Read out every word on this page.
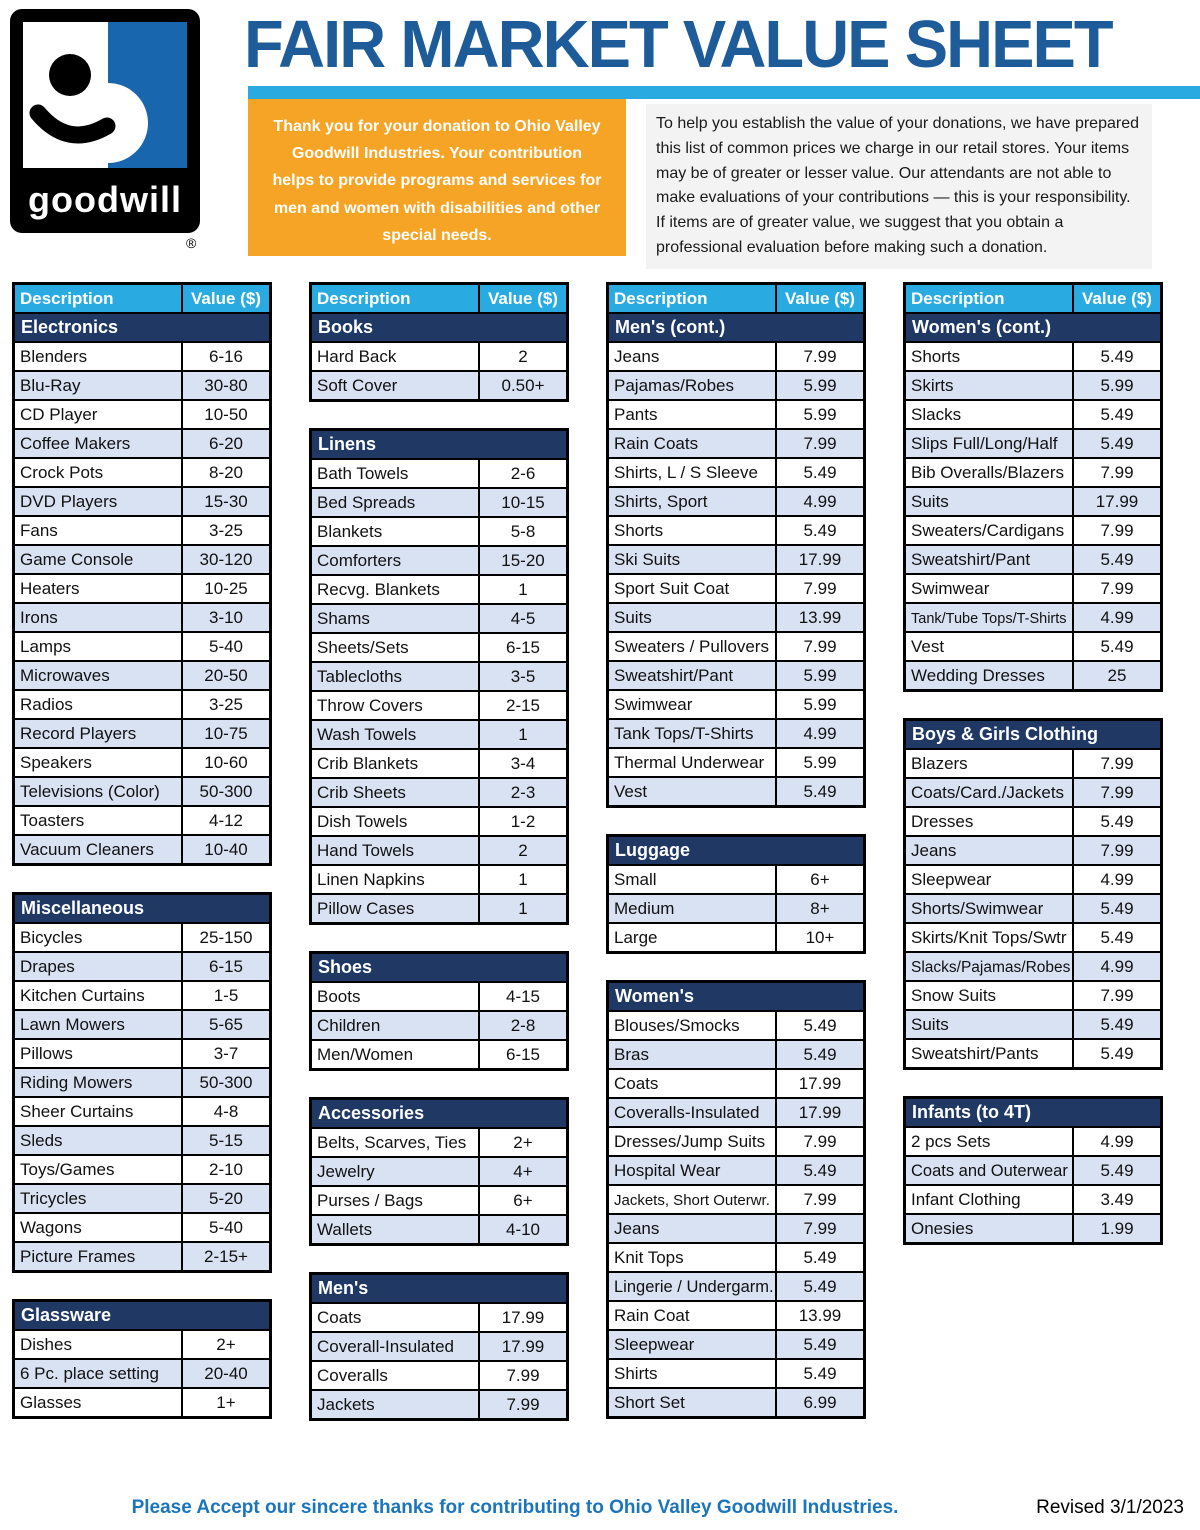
goodwill
®
FAIR MARKET VALUE SHEET
Thank you for your donation to Ohio Valley Goodwill Industries. Your contribution helps to provide programs and services for men and women with disabilities and other special needs.
To help you establish the value of your donations, we have prepared this list of common prices we charge in our retail stores. Your items may be of greater or lesser value. Our attendants are not able to make evaluations of your contributions — this is your responsibility. If items are of greater value, we suggest that you obtain a professional evaluation before making such a donation.
Description	Value ($)
Electronics
Blenders	6-16
Blu-Ray	30-80
CD Player	10-50
Coffee Makers	6-20
Crock Pots	8-20
DVD Players	15-30
Fans	3-25
Game Console	30-120
Heaters	10-25
Irons	3-10
Lamps	5-40
Microwaves	20-50
Radios	3-25
Record Players	10-75
Speakers	10-60
Televisions (Color)	50-300
Toasters	4-12
Vacuum Cleaners	10-40
Miscellaneous
Bicycles	25-150
Drapes	6-15
Kitchen Curtains	1-5
Lawn Mowers	5-65
Pillows	3-7
Riding Mowers	50-300
Sheer Curtains	4-8
Sleds	5-15
Toys/Games	2-10
Tricycles	5-20
Wagons	5-40
Picture Frames	2-15+
Glassware
Dishes	2+
6 Pc. place setting	20-40
Glasses	1+
Description	Value ($)
Books
Hard Back	2
Soft Cover	0.50+
Linens
Bath Towels	2-6
Bed Spreads	10-15
Blankets	5-8
Comforters	15-20
Recvg. Blankets	1
Shams	4-5
Sheets/Sets	6-15
Tablecloths	3-5
Throw Covers	2-15
Wash Towels	1
Crib Blankets	3-4
Crib Sheets	2-3
Dish Towels	1-2
Hand Towels	2
Linen Napkins	1
Pillow Cases	1
Shoes
Boots	4-15
Children	2-8
Men/Women	6-15
Accessories
Belts, Scarves, Ties	2+
Jewelry	4+
Purses / Bags	6+
Wallets	4-10
Men's
Coats	17.99
Coverall-Insulated	17.99
Coveralls	7.99
Jackets	7.99
Description	Value ($)
Men's (cont.)
Jeans	7.99
Pajamas/Robes	5.99
Pants	5.99
Rain Coats	7.99
Shirts, L / S Sleeve	5.49
Shirts, Sport	4.99
Shorts	5.49
Ski Suits	17.99
Sport Suit Coat	7.99
Suits	13.99
Sweaters / Pullovers	7.99
Sweatshirt/Pant	5.99
Swimwear	5.99
Tank Tops/T-Shirts	4.99
Thermal Underwear	5.99
Vest	5.49
Luggage
Small	6+
Medium	8+
Large	10+
Women's
Blouses/Smocks	5.49
Bras	5.49
Coats	17.99
Coveralls-Insulated	17.99
Dresses/Jump Suits	7.99
Hospital Wear	5.49
Jackets, Short Outerwr.	7.99
Jeans	7.99
Knit Tops	5.49
Lingerie / Undergarm.	5.49
Rain Coat	13.99
Sleepwear	5.49
Shirts	5.49
Short Set	6.99
Description	Value ($)
Women's (cont.)
Shorts	5.49
Skirts	5.99
Slacks	5.49
Slips Full/Long/Half	5.49
Bib Overalls/Blazers	7.99
Suits	17.99
Sweaters/Cardigans	7.99
Sweatshirt/Pant	5.49
Swimwear	7.99
Tank/Tube Tops/T-Shirts	4.99
Vest	5.49
Wedding Dresses	25
Boys & Girls Clothing
Blazers	7.99
Coats/Card./Jackets	7.99
Dresses	5.49
Jeans	7.99
Sleepwear	4.99
Shorts/Swimwear	5.49
Skirts/Knit Tops/Swtr	5.49
Slacks/Pajamas/Robes	4.99
Snow Suits	7.99
Suits	5.49
Sweatshirt/Pants	5.49
Infants (to 4T)
2 pcs Sets	4.99
Coats and Outerwear	5.49
Infant Clothing	3.49
Onesies	1.99
Please Accept our sincere thanks for contributing to Ohio Valley Goodwill Industries.	Revised 3/1/2023
